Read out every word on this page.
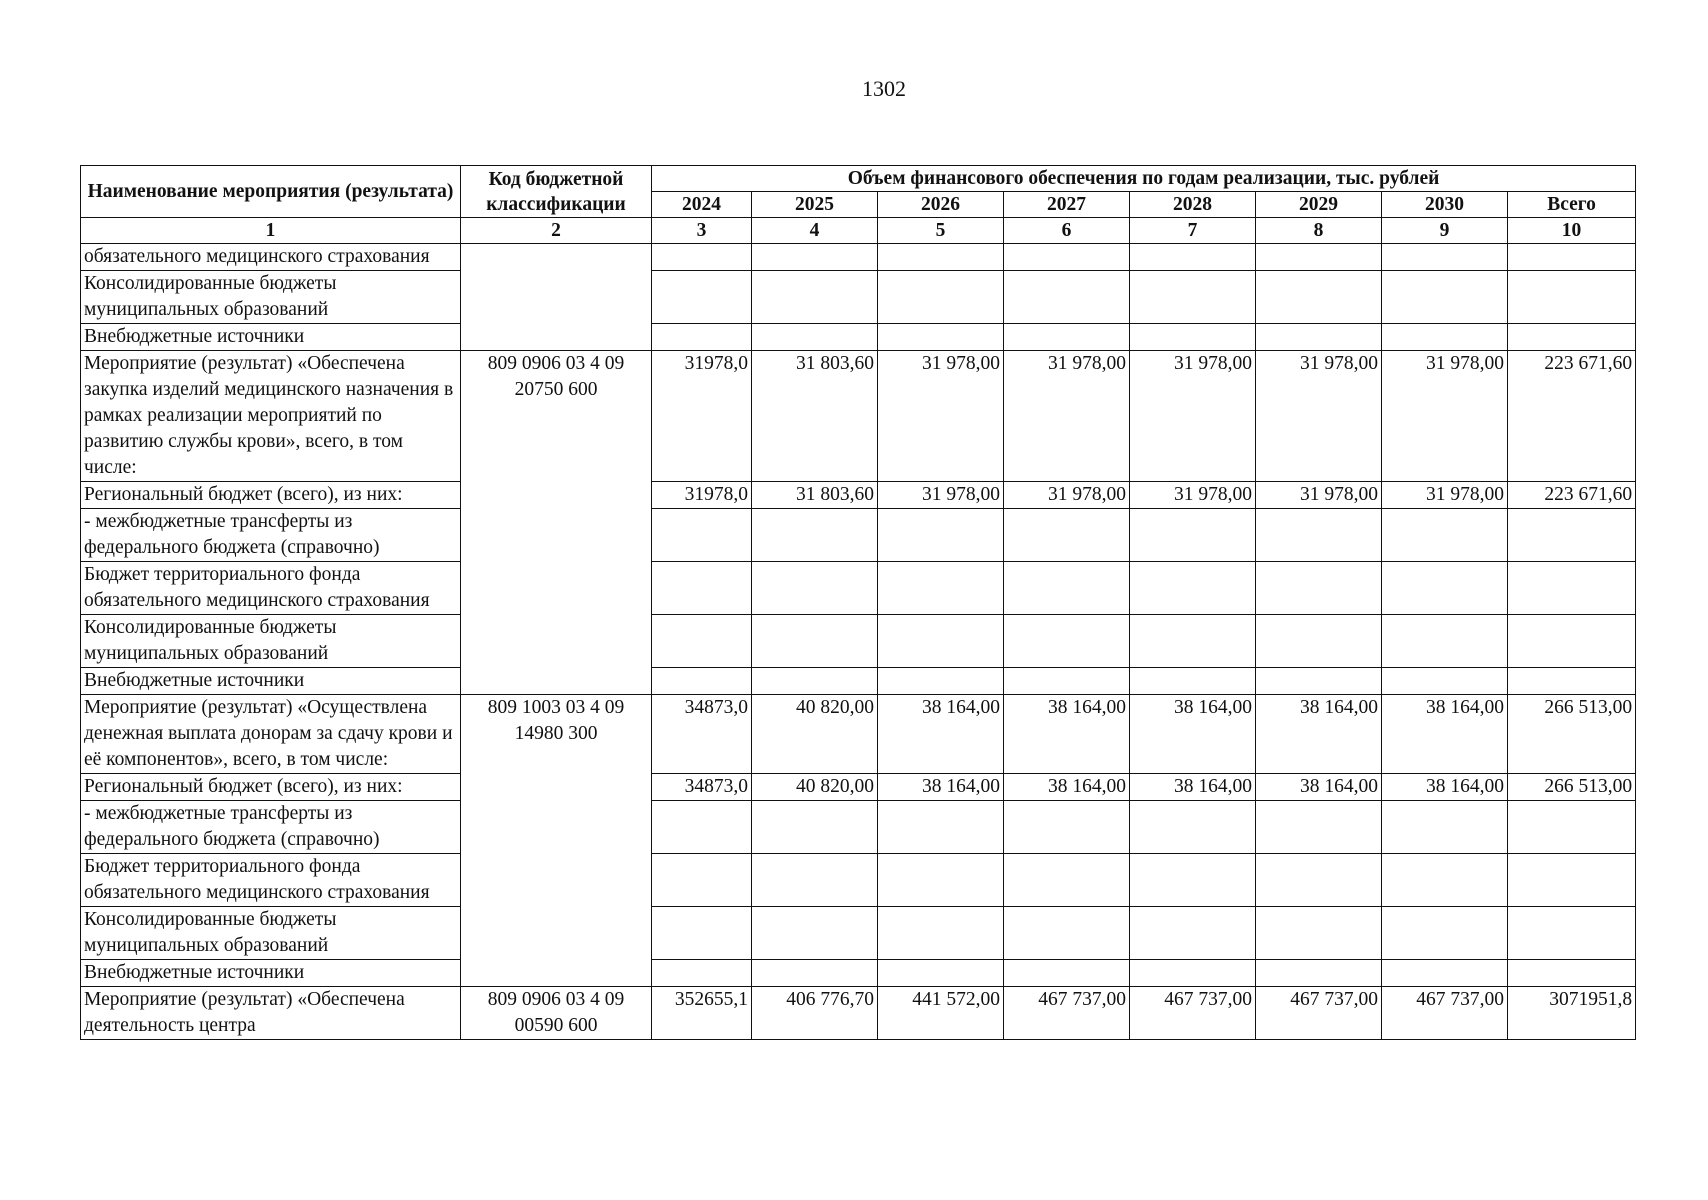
1302
Наименование мероприятия (результата)	Код бюджетной классификации	Объем финансового обеспечения по годам реализации, тыс. рублей							
		2024	2025	2026	2027	2028	2029	2030	Всего
1	2	3	4	5	6	7	8	9	10
обязательного медицинского страхования									
Консолидированные бюджеты муниципальных образований									
Внебюджетные источники									
Мероприятие (результат) «Обеспечена закупка изделий медицинского назначения в рамках реализации мероприятий по развитию службы крови», всего, в том числе:	809 0906 03 4 09 20750 600	31978,0	31 803,60	31 978,00	31 978,00	31 978,00	31 978,00	31 978,00	223 671,60
Региональный бюджет (всего), из них:		31978,0	31 803,60	31 978,00	31 978,00	31 978,00	31 978,00	31 978,00	223 671,60
- межбюджетные трансферты из федерального бюджета (справочно)									
Бюджет территориального фонда обязательного медицинского страхования									
Консолидированные бюджеты муниципальных образований									
Внебюджетные источники									
Мероприятие (результат) «Осуществлена денежная выплата донорам за сдачу крови и её компонентов», всего, в том числе:	809 1003 03 4 09 14980 300	34873,0	40 820,00	38 164,00	38 164,00	38 164,00	38 164,00	38 164,00	266 513,00
Региональный бюджет (всего), из них:		34873,0	40 820,00	38 164,00	38 164,00	38 164,00	38 164,00	38 164,00	266 513,00
- межбюджетные трансферты из федерального бюджета (справочно)									
Бюджет территориального фонда обязательного медицинского страхования									
Консолидированные бюджеты муниципальных образований									
Внебюджетные источники									
Мероприятие (результат) «Обеспечена деятельность центра	809 0906 03 4 09 00590 600	352655,1	406 776,70	441 572,00	467 737,00	467 737,00	467 737,00	467 737,00	3071951,8
